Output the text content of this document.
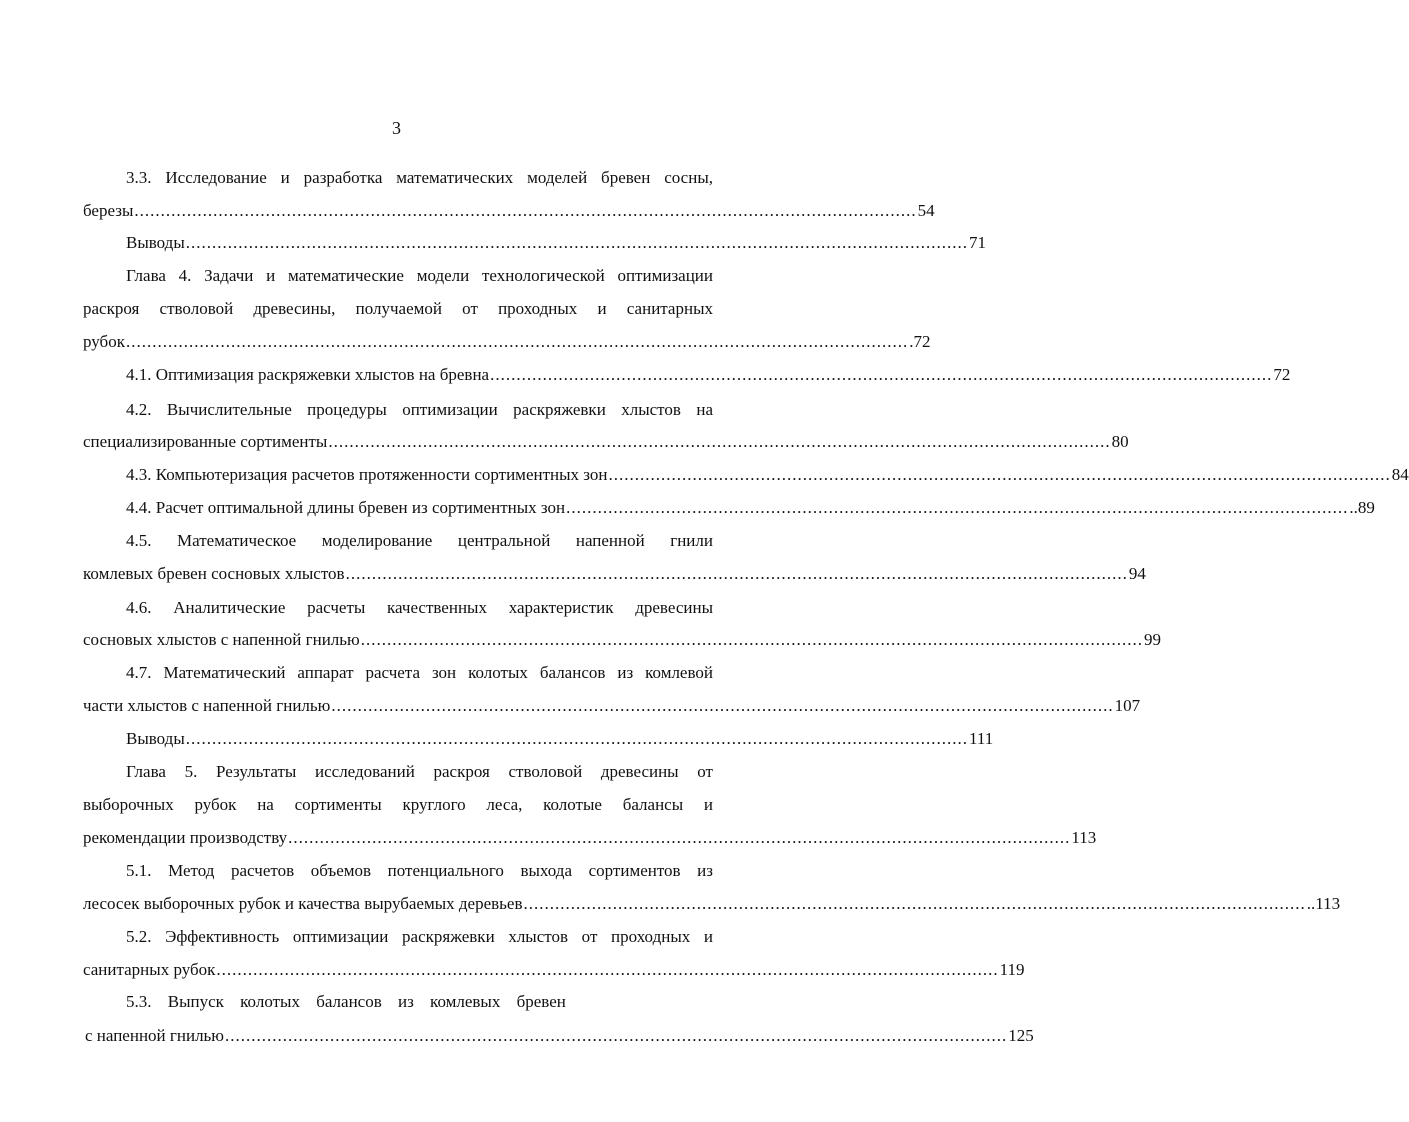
3
3.3. Исследование и разработка математических моделей бревен сосны,
березы ..................................................................................................................................................... 54
Выводы ..................................................................................................................................................... 71
Глава 4. Задачи и математические модели технологической оптимизации
раскроя стволовой древесины, получаемой от проходных и санитарных
рубок ..................................................................................................................................................... .72
4.1. Оптимизация раскряжевки хлыстов на бревна ..................................................................................................................................................... 72
4.2. Вычислительные процедуры оптимизации раскряжевки хлыстов на
специализированные сортименты ..................................................................................................................................................... 80
4.3. Компьютеризация расчетов протяженности сортиментных зон ..................................................................................................................................................... 84
4.4. Расчет оптимальной длины бревен из сортиментных зон ..................................................................................................................................................... ..89
4.5. Математическое моделирование центральной напенной гнили
комлевых бревен сосновых хлыстов ..................................................................................................................................................... 94
4.6. Аналитические расчеты качественных характеристик древесины
сосновых хлыстов с напенной гнилью ..................................................................................................................................................... 99
4.7. Математический аппарат расчета зон колотых балансов из комлевой
части хлыстов с напенной гнилью ..................................................................................................................................................... 107
Выводы ..................................................................................................................................................... 111
Глава 5. Результаты исследований раскроя стволовой древесины от
выборочных рубок на сортименты круглого леса, колотые балансы и
рекомендации производству ..................................................................................................................................................... 113
5.1. Метод расчетов объемов потенциального выхода сортиментов из
лесосек выборочных рубок и качества вырубаемых деревьев ..................................................................................................................................................... ..113
5.2. Эффективность оптимизации раскряжевки хлыстов от проходных и
санитарных рубок ..................................................................................................................................................... 119
5.3. Выпуск колотых балансов из комлевых бревен
с напенной гнилью ..................................................................................................................................................... 125
